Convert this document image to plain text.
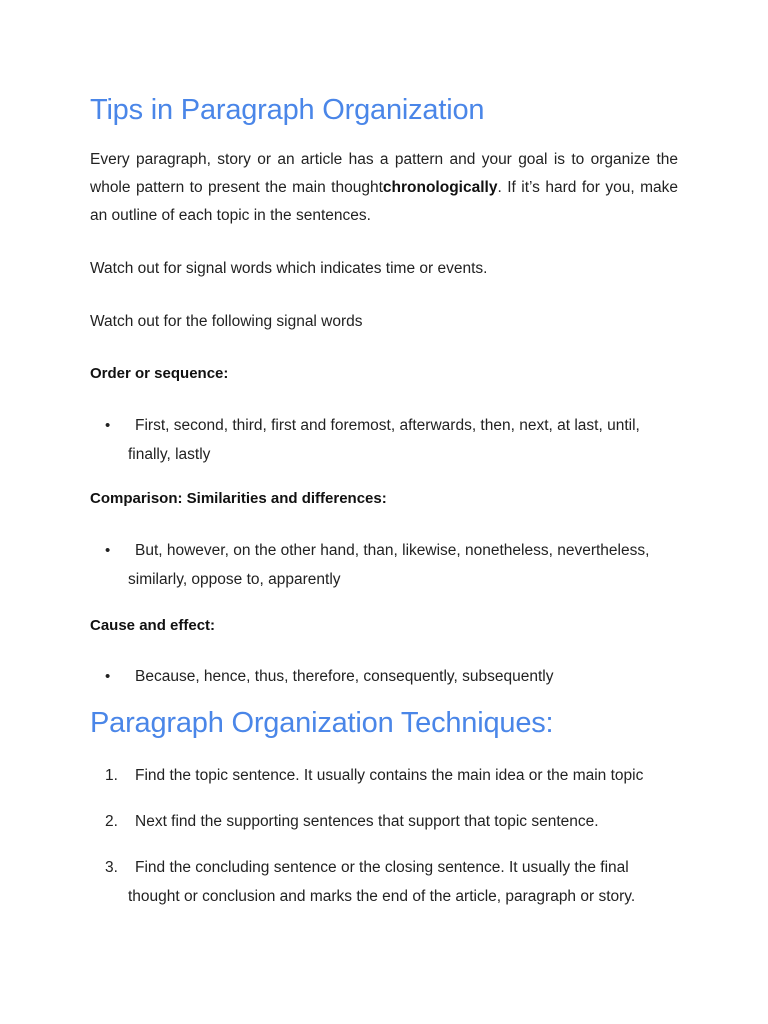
Tips in Paragraph Organization

Every paragraph, story or an article has a pattern and your goal is to organize the whole pattern to present the main thoughtchronologically. If it’s hard for you, make an outline of each topic in the sentences.

Watch out for signal words which indicates time or events.

Watch out for the following signal words

Order or sequence:
•	First, second, third, first and foremost, afterwards, then, next, at last, until, finally, lastly
Comparison: Similarities and differences:
•	But, however, on the other hand, than, likewise, nonetheless, nevertheless, similarly, oppose to, apparently
Cause and effect:
•	Because, hence, thus, therefore, consequently, subsequently
Paragraph Organization Techniques:
1.	Find the topic sentence. It usually contains the main idea or the main topic
2.	Next find the supporting sentences that support that topic sentence.
3.	Find the concluding sentence or the closing sentence. It usually the final thought or conclusion and marks the end of the article, paragraph or story.
